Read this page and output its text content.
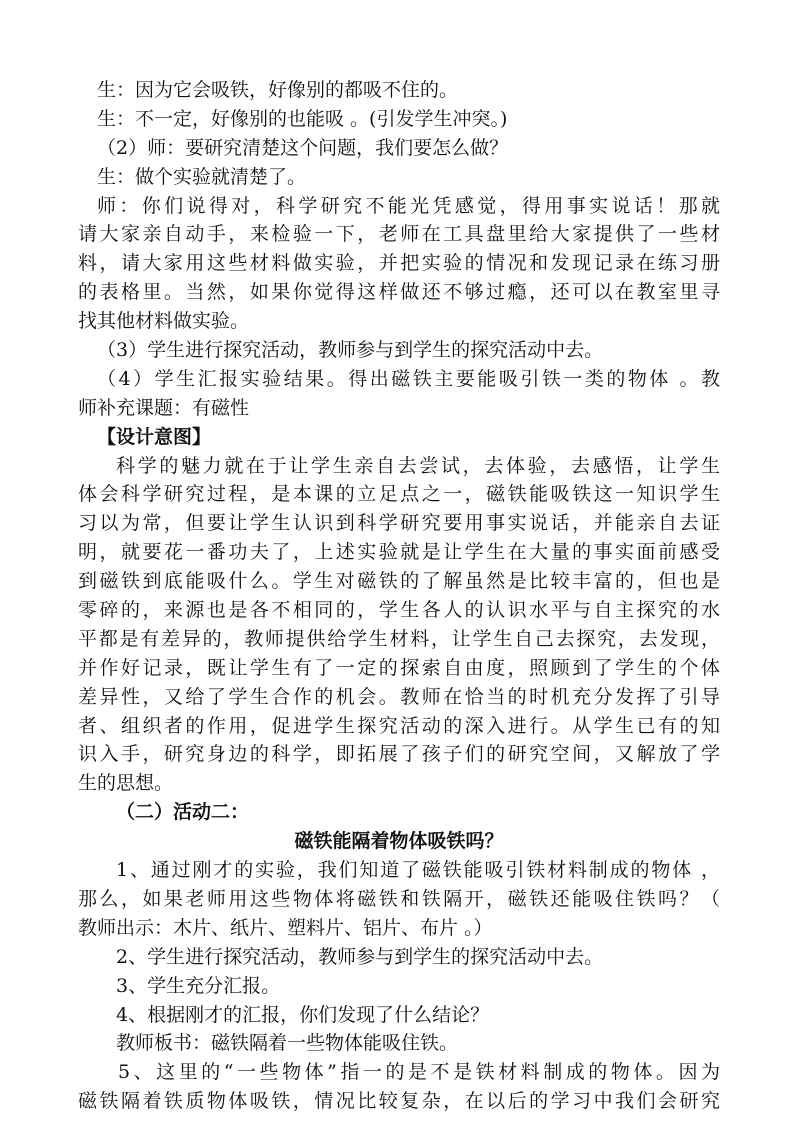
生：因为它会吸铁，好像别的都吸不住的。
生：不一定，好像别的也能吸 。(引发学生冲突。)
（2）师：要研究清楚这个问题，我们要怎么做？
生：做个实验就清楚了。
师：你们说得对，科学研究不能光凭感觉，得用事实说话！那就
请大家亲自动手，来检验一下，老师在工具盘里给大家提供了一些材
料，请大家用这些材料做实验，并把实验的情况和发现记录在练习册
的表格里。当然，如果你觉得这样做还不够过瘾，还可以在教室里寻
找其他材料做实验。
（3）学生进行探究活动，教师参与到学生的探究活动中去。
（4）学生汇报实验结果。得出磁铁主要能吸引铁一类的物体 。教
师补充课题：有磁性
【设计意图】
科学的魅力就在于让学生亲自去尝试，去体验，去感悟，让学生
体会科学研究过程，是本课的立足点之一，磁铁能吸铁这一知识学生
习以为常，但要让学生认识到科学研究要用事实说话，并能亲自去证
明，就要花一番功夫了，上述实验就是让学生在大量的事实面前感受
到磁铁到底能吸什么。学生对磁铁的了解虽然是比较丰富的，但也是
零碎的，来源也是各不相同的，学生各人的认识水平与自主探究的水
平都是有差异的，教师提供给学生材料，让学生自己去探究，去发现，
并作好记录，既让学生有了一定的探索自由度，照顾到了学生的个体
差异性，又给了学生合作的机会。教师在恰当的时机充分发挥了引导
者、组织者的作用，促进学生探究活动的深入进行。从学生已有的知
识入手，研究身边的科学，即拓展了孩子们的研究空间，又解放了学
生的思想。
（二）活动二：
磁铁能隔着物体吸铁吗？
1、通过刚才的实验，我们知道了磁铁能吸引铁材料制成的物体 ，
那么，如果老师用这些物体将磁铁和铁隔开，磁铁还能吸住铁吗？（
教师出示：木片、纸片、塑料片、铝片、布片 。）
2、学生进行探究活动，教师参与到学生的探究活动中去。
3、学生充分汇报。
4、根据刚才的汇报，你们发现了什么结论？
教师板书：磁铁隔着一些物体能吸住铁。
5、这里的“一些物体”指一的是不是铁材料制成的物体。因为
磁铁隔着铁质物体吸铁，情况比较复杂，在以后的学习中我们会研究
